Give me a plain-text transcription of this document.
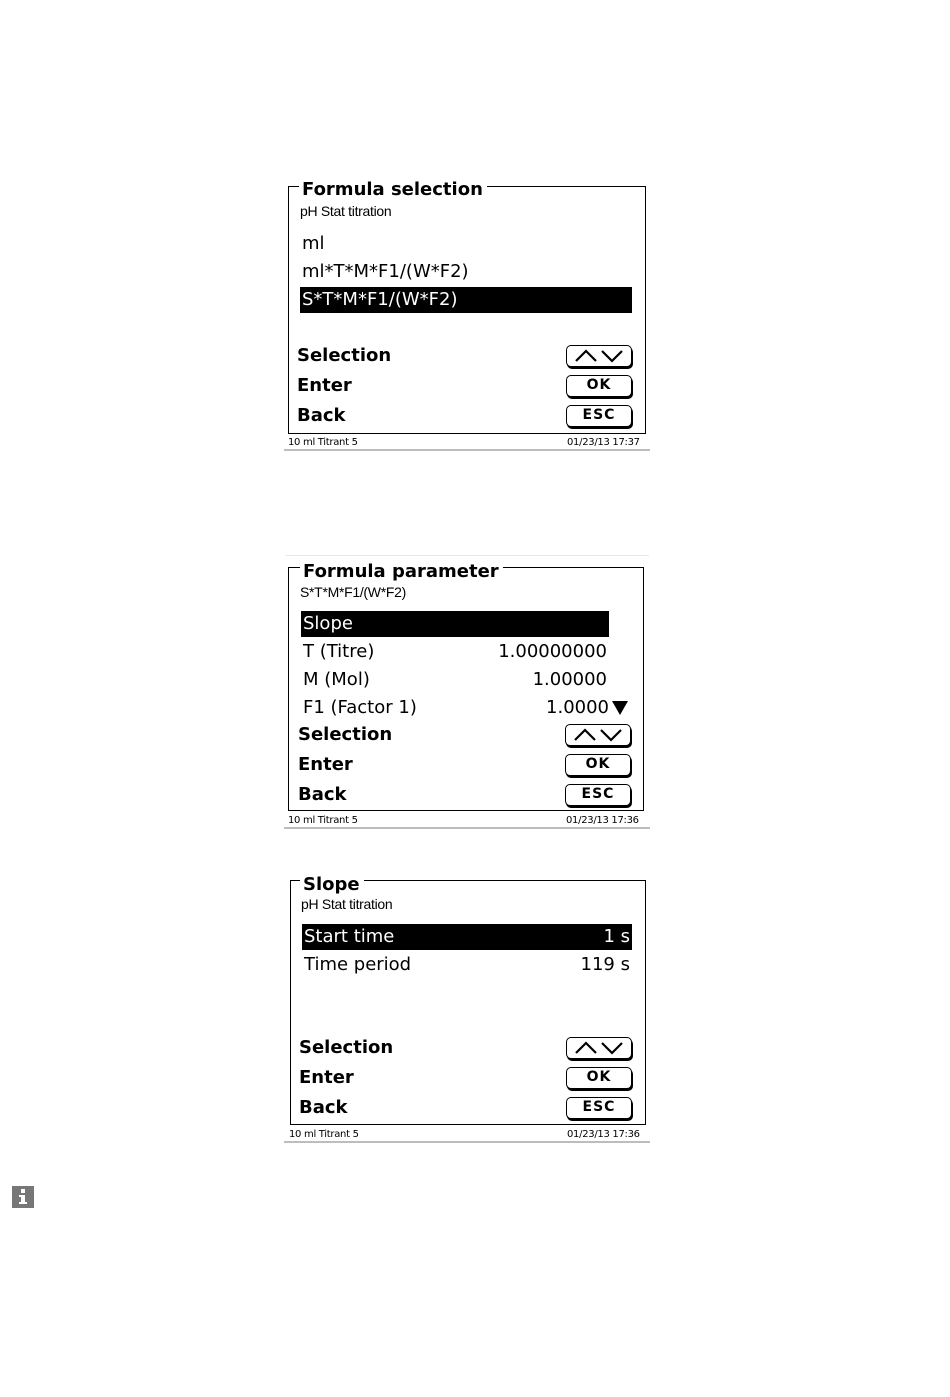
Formula selection
pH Stat titration
ml
ml*T*M*F1/(W*F2)
S*T*M*F1/(W*F2)
Selection
Enter	OK
Back	ESC
10 ml Titrant 5	01/23/13 17:37
Formula parameter
S*T*M*F1/(W*F2)
Slope
T (Titre)	1.00000000
M (Mol)	1.00000
F1 (Factor 1)	1.0000
Selection
Enter	OK
Back	ESC
10 ml Titrant 5	01/23/13 17:36
Slope
pH Stat titration
Start time	1 s
Time period	119 s
Selection
Enter	OK
Back	ESC
10 ml Titrant 5	01/23/13 17:36
